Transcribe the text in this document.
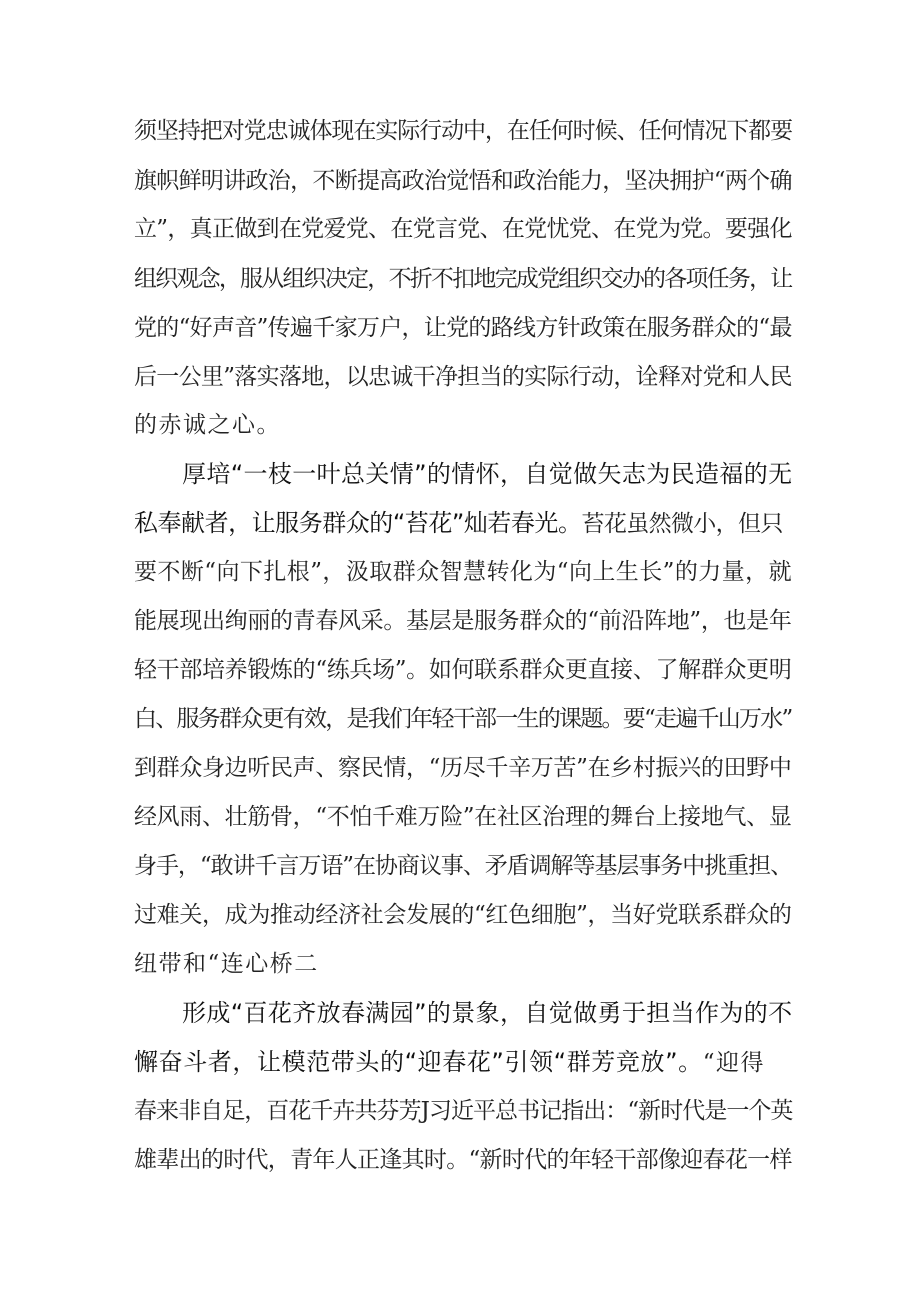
须坚持把对党忠诚体现在实际行动中，在任何时候、任何情况下都要

旗帜鲜明讲政治，不断提高政治觉悟和政治能力，坚决拥护“两个确

立”，真正做到在党爱党、在党言党、在党忧党、在党为党。要强化

组织观念，服从组织决定，不折不扣地完成党组织交办的各项任务，让

党的“好声音”传遍千家万户，让党的路线方针政策在服务群众的“最

后一公里”落实落地，以忠诚干净担当的实际行动，诠释对党和人民

的赤诚之心。

厚培“一枝一叶总关情”的情怀，自觉做矢志为民造福的无

私奉献者，让服务群众的“苔花”灿若春光。苔花虽然微小，但只

要不断“向下扎根”，汲取群众智慧转化为“向上生长”的力量，就

能展现出绚丽的青春风采。基层是服务群众的“前沿阵地”，也是年

轻干部培养锻炼的“练兵场”。如何联系群众更直接、了解群众更明

白、服务群众更有效，是我们年轻干部一生的课题。要“走遍千山万水”

到群众身边听民声、察民情，“历尽千辛万苦”在乡村振兴的田野中

经风雨、壮筋骨，“不怕千难万险”在社区治理的舞台上接地气、显

身手，“敢讲千言万语”在协商议事、矛盾调解等基层事务中挑重担、

过难关，成为推动经济社会发展的“红色细胞”，当好党联系群众的

纽带和“连心桥二

形成“百花齐放春满园”的景象，自觉做勇于担当作为的不

懈奋斗者，让模范带头的“迎春花”引领“群芳竞放”。“迎得

春来非自足，百花千卉共芬芳J习近平总书记指出：“新时代是一个英

雄辈出的时代，青年人正逢其时。“新时代的年轻干部像迎春花一样
